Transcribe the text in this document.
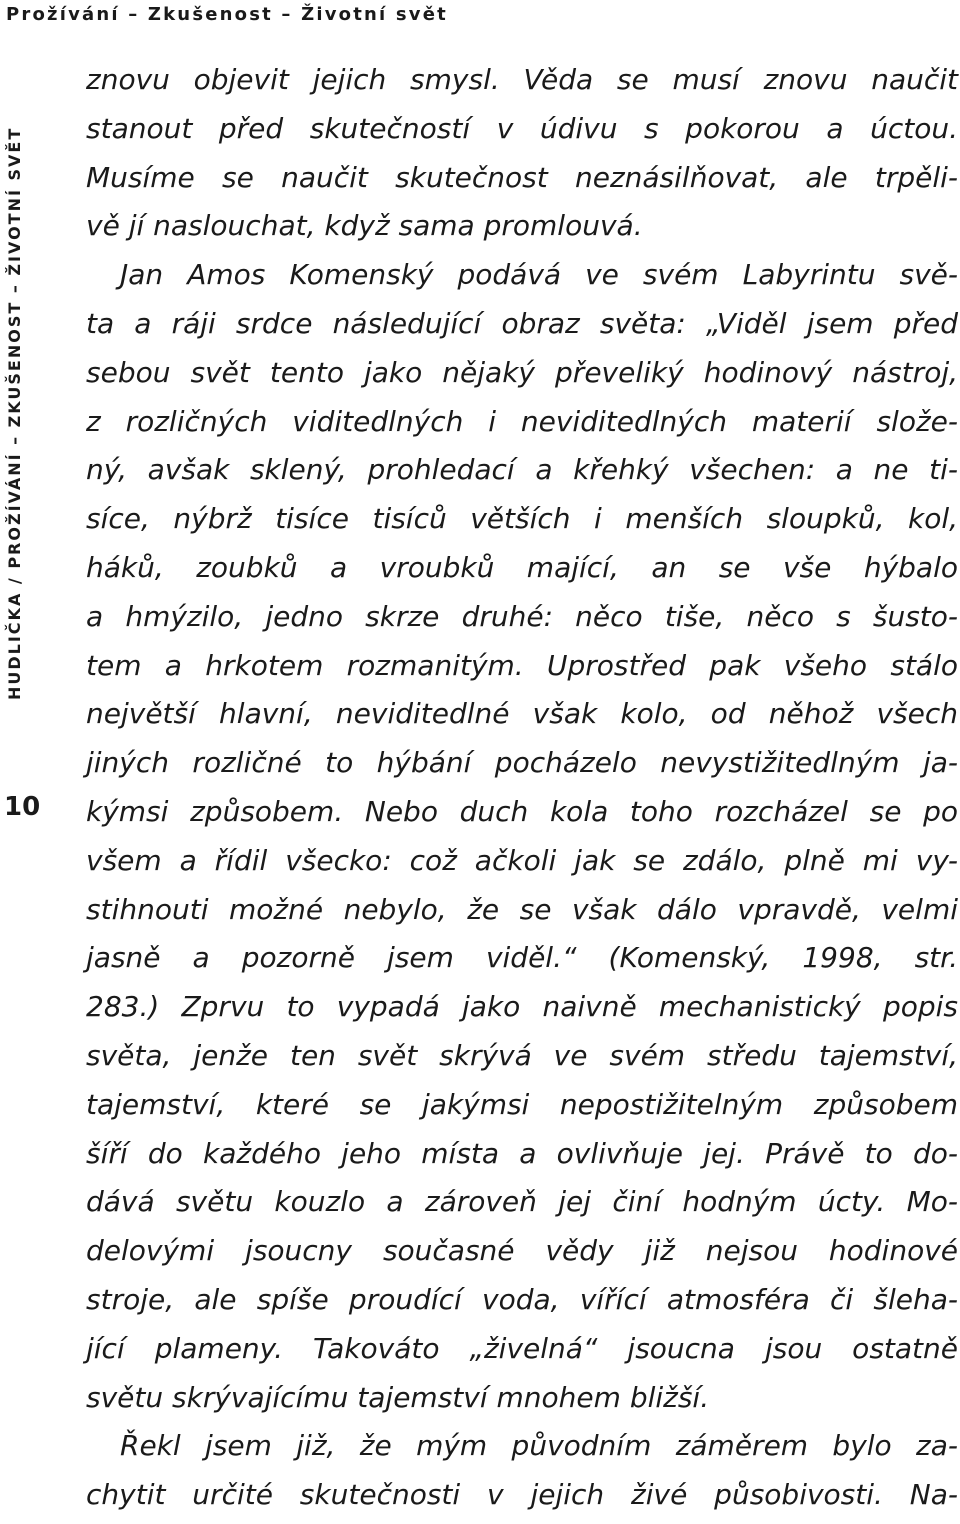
Prožívání – Zkušenost – Životní svět
HUDLIČKA / PROŽÍVÁNÍ – ZKUŠENOST – ŽIVOTNÍ SVĚT
10
znovu objevit jejich smysl. Věda se musí znovu naučit
stanout před skutečností v údivu s pokorou a úctou.
Musíme se naučit skutečnost neznásilňovat, ale trpěli-
vě jí naslouchat, když sama promlouvá.
Jan Amos Komenský podává ve svém Labyrintu svě-
ta a ráji srdce následující obraz světa: „Viděl jsem před
sebou svět tento jako nějaký převeliký hodinový nástroj,
z rozličných viditedlných i neviditedlných materií slože-
ný, avšak sklený, prohledací a křehký všechen: a ne ti-
síce, nýbrž tisíce tisíců větších i menších sloupků, kol,
háků, zoubků a vroubků mající, an se vše hýbalo
a hmýzilo, jedno skrze druhé: něco tiše, něco s šusto-
tem a hrkotem rozmanitým. Uprostřed pak všeho stálo
největší hlavní, neviditedlné však kolo, od něhož všech
jiných rozličné to hýbání pocházelo nevystižitedlným ja-
kýmsi způsobem. Nebo duch kola toho rozcházel se po
všem a řídil všecko: což ačkoli jak se zdálo, plně mi vy-
stihnouti možné nebylo, že se však dálo vpravdě, velmi
jasně a pozorně jsem viděl.“ (Komenský, 1998, str.
283.) Zprvu to vypadá jako naivně mechanistický popis
světa, jenže ten svět skrývá ve svém středu tajemství,
tajemství, které se jakýmsi nepostižitelným způsobem
šíří do každého jeho místa a ovlivňuje jej. Právě to do-
dává světu kouzlo a zároveň jej činí hodným úcty. Mo-
delovými jsoucny současné vědy již nejsou hodinové
stroje, ale spíše proudící voda, vířící atmosféra či šleha-
jící plameny. Takováto „živelná“ jsoucna jsou ostatně
světu skrývajícímu tajemství mnohem bližší.
Řekl jsem již, že mým původním záměrem bylo za-
chytit určité skutečnosti v jejich živé působivosti. Na-
